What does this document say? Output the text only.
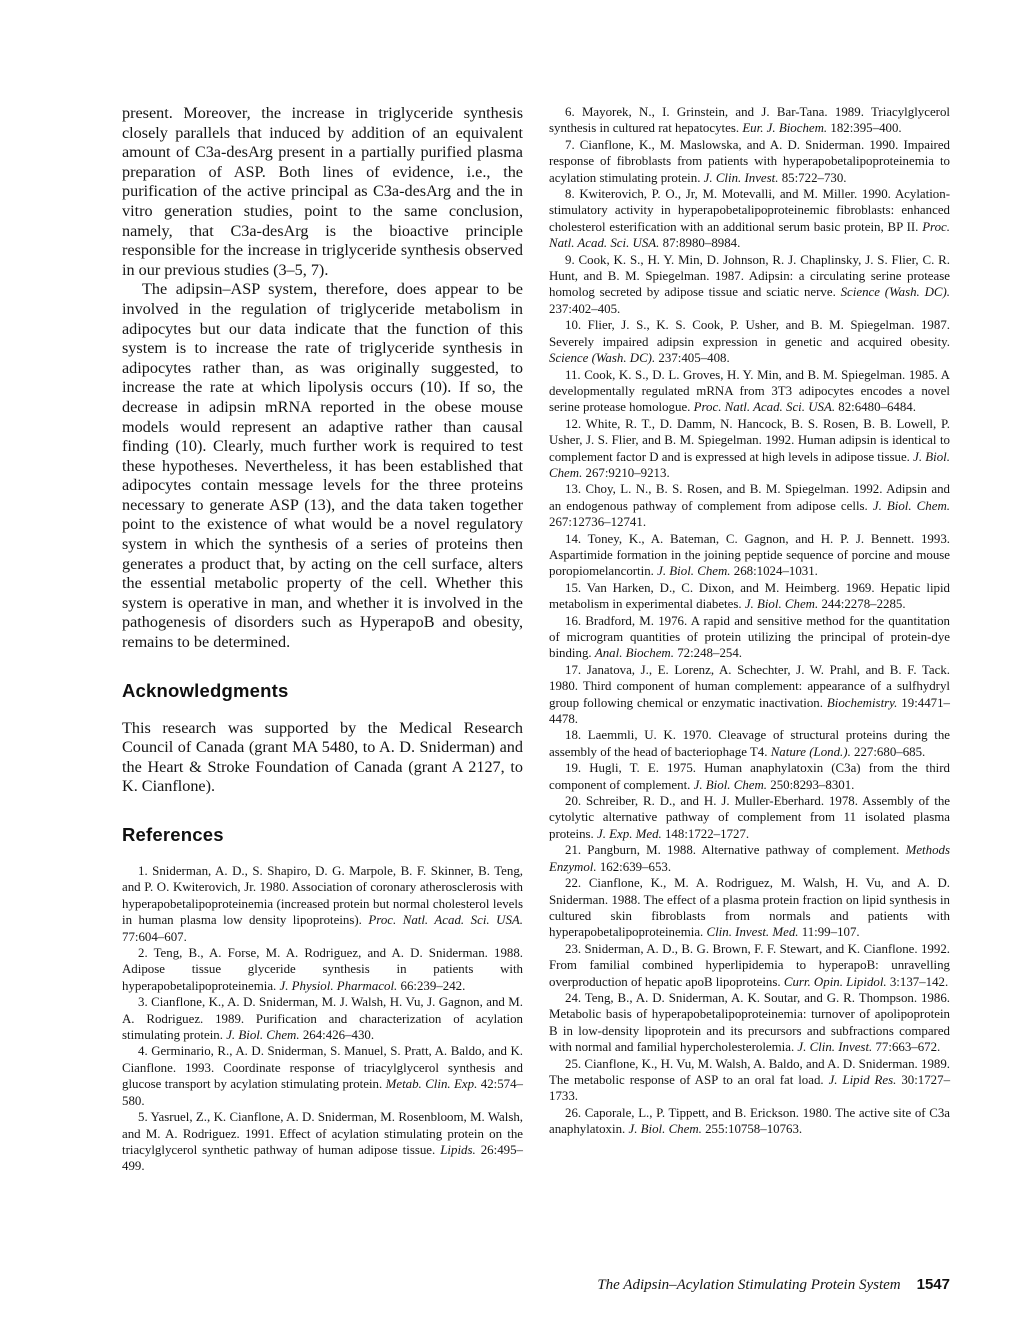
present. Moreover, the increase in triglyceride synthesis closely parallels that induced by addition of an equivalent amount of C3a-desArg present in a partially purified plasma preparation of ASP. Both lines of evidence, i.e., the purification of the active principal as C3a-desArg and the in vitro generation studies, point to the same conclusion, namely, that C3a-desArg is the bioactive principle responsible for the increase in triglyceride synthesis observed in our previous studies (3–5, 7).

The adipsin–ASP system, therefore, does appear to be involved in the regulation of triglyceride metabolism in adipocytes but our data indicate that the function of this system is to increase the rate of triglyceride synthesis in adipocytes rather than, as was originally suggested, to increase the rate at which lipolysis occurs (10). If so, the decrease in adipsin mRNA reported in the obese mouse models would represent an adaptive rather than causal finding (10). Clearly, much further work is required to test these hypotheses. Nevertheless, it has been established that adipocytes contain message levels for the three proteins necessary to generate ASP (13), and the data taken together point to the existence of what would be a novel regulatory system in which the synthesis of a series of proteins then generates a product that, by acting on the cell surface, alters the essential metabolic property of the cell. Whether this system is operative in man, and whether it is involved in the pathogenesis of disorders such as HyperapoB and obesity, remains to be determined.

Acknowledgments

This research was supported by the Medical Research Council of Canada (grant MA 5480, to A. D. Sniderman) and the Heart & Stroke Foundation of Canada (grant A 2127, to K. Cianflone).

References

1. Sniderman, A. D., S. Shapiro, D. G. Marpole, B. F. Skinner, B. Teng, and P. O. Kwiterovich, Jr. 1980. Association of coronary atherosclerosis with hyperapobetalipoproteinemia (increased protein but normal cholesterol levels in human plasma low density lipoproteins). Proc. Natl. Acad. Sci. USA. 77:604–607.

2. Teng, B., A. Forse, M. A. Rodriguez, and A. D. Sniderman. 1988. Adipose tissue glyceride synthesis in patients with hyperapobetalipoproteinemia. J. Physiol. Pharmacol. 66:239–242.

3. Cianflone, K., A. D. Sniderman, M. J. Walsh, H. Vu, J. Gagnon, and M. A. Rodriguez. 1989. Purification and characterization of acylation stimulating protein. J. Biol. Chem. 264:426–430.

4. Germinario, R., A. D. Sniderman, S. Manuel, S. Pratt, A. Baldo, and K. Cianflone. 1993. Coordinate response of triacylglycerol synthesis and glucose transport by acylation stimulating protein. Metab. Clin. Exp. 42:574–580.

5. Yasruel, Z., K. Cianflone, A. D. Sniderman, M. Rosenbloom, M. Walsh, and M. A. Rodriguez. 1991. Effect of acylation stimulating protein on the triacylglycerol synthetic pathway of human adipose tissue. Lipids. 26:495–499.

6. Mayorek, N., I. Grinstein, and J. Bar-Tana. 1989. Triacylglycerol synthesis in cultured rat hepatocytes. Eur. J. Biochem. 182:395–400.

7. Cianflone, K., M. Maslowska, and A. D. Sniderman. 1990. Impaired response of fibroblasts from patients with hyperapobetalipoproteinemia to acylation stimulating protein. J. Clin. Invest. 85:722–730.

8. Kwiterovich, P. O., Jr, M. Motevalli, and M. Miller. 1990. Acylation-stimulatory activity in hyperapobetalipoproteinemic fibroblasts: enhanced cholesterol esterification with an additional serum basic protein, BP II. Proc. Natl. Acad. Sci. USA. 87:8980–8984.

9. Cook, K. S., H. Y. Min, D. Johnson, R. J. Chaplinsky, J. S. Flier, C. R. Hunt, and B. M. Spiegelman. 1987. Adipsin: a circulating serine protease homolog secreted by adipose tissue and sciatic nerve. Science (Wash. DC). 237:402–405.

10. Flier, J. S., K. S. Cook, P. Usher, and B. M. Spiegelman. 1987. Severely impaired adipsin expression in genetic and acquired obesity. Science (Wash. DC). 237:405–408.

11. Cook, K. S., D. L. Groves, H. Y. Min, and B. M. Spiegelman. 1985. A developmentally regulated mRNA from 3T3 adipocytes encodes a novel serine protease homologue. Proc. Natl. Acad. Sci. USA. 82:6480–6484.

12. White, R. T., D. Damm, N. Hancock, B. S. Rosen, B. B. Lowell, P. Usher, J. S. Flier, and B. M. Spiegelman. 1992. Human adipsin is identical to complement factor D and is expressed at high levels in adipose tissue. J. Biol. Chem. 267:9210–9213.

13. Choy, L. N., B. S. Rosen, and B. M. Spiegelman. 1992. Adipsin and an endogenous pathway of complement from adipose cells. J. Biol. Chem. 267:12736–12741.

14. Toney, K., A. Bateman, C. Gagnon, and H. P. J. Bennett. 1993. Aspartimide formation in the joining peptide sequence of porcine and mouse poropiomelancortin. J. Biol. Chem. 268:1024–1031.

15. Van Harken, D., C. Dixon, and M. Heimberg. 1969. Hepatic lipid metabolism in experimental diabetes. J. Biol. Chem. 244:2278–2285.

16. Bradford, M. 1976. A rapid and sensitive method for the quantitation of microgram quantities of protein utilizing the principal of protein-dye binding. Anal. Biochem. 72:248–254.

17. Janatova, J., E. Lorenz, A. Schechter, J. W. Prahl, and B. F. Tack. 1980. Third component of human complement: appearance of a sulfhydryl group following chemical or enzymatic inactivation. Biochemistry. 19:4471–4478.

18. Laemmli, U. K. 1970. Cleavage of structural proteins during the assembly of the head of bacteriophage T4. Nature (Lond.). 227:680–685.

19. Hugli, T. E. 1975. Human anaphylatoxin (C3a) from the third component of complement. J. Biol. Chem. 250:8293–8301.

20. Schreiber, R. D., and H. J. Muller-Eberhard. 1978. Assembly of the cytolytic alternative pathway of complement from 11 isolated plasma proteins. J. Exp. Med. 148:1722–1727.

21. Pangburn, M. 1988. Alternative pathway of complement. Methods Enzymol. 162:639–653.

22. Cianflone, K., M. A. Rodriguez, M. Walsh, H. Vu, and A. D. Sniderman. 1988. The effect of a plasma protein fraction on lipid synthesis in cultured skin fibroblasts from normals and patients with hyperapobetalipoproteinemia. Clin. Invest. Med. 11:99–107.

23. Sniderman, A. D., B. G. Brown, F. F. Stewart, and K. Cianflone. 1992. From familial combined hyperlipidemia to hyperapoB: unravelling overproduction of hepatic apoB lipoproteins. Curr. Opin. Lipidol. 3:137–142.

24. Teng, B., A. D. Sniderman, A. K. Soutar, and G. R. Thompson. 1986. Metabolic basis of hyperapobetalipoproteinemia: turnover of apolipoprotein B in low-density lipoprotein and its precursors and subfractions compared with normal and familial hypercholesterolemia. J. Clin. Invest. 77:663–672.

25. Cianflone, K., H. Vu, M. Walsh, A. Baldo, and A. D. Sniderman. 1989. The metabolic response of ASP to an oral fat load. J. Lipid Res. 30:1727–1733.

26. Caporale, L., P. Tippett, and B. Erickson. 1980. The active site of C3a anaphylatoxin. J. Biol. Chem. 255:10758–10763.

The Adipsin–Acylation Stimulating Protein System 1547
